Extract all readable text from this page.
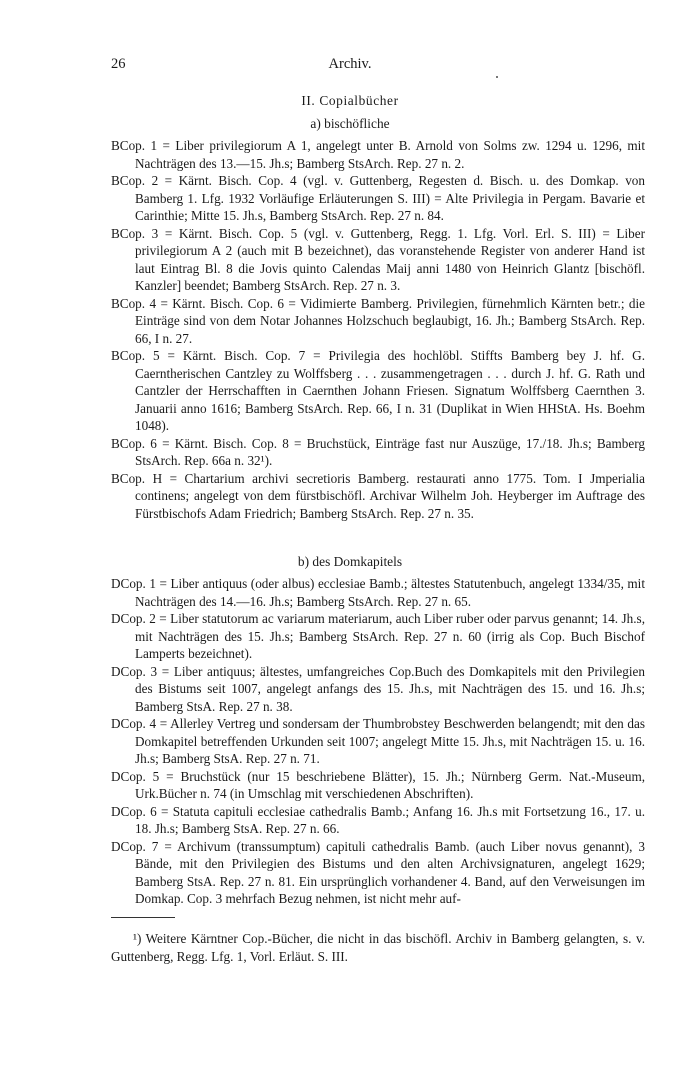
26	Archiv.
II. Copialbücher
a) bischöfliche

BCop. 1 = Liber privilegiorum A 1, angelegt unter B. Arnold von Solms zw. 1294 u. 1296, mit Nachträgen des 13.—15. Jh.s; Bamberg StsArch. Rep. 27 n. 2.

BCop. 2 = Kärnt. Bisch. Cop. 4 (vgl. v. Guttenberg, Regesten d. Bisch. u. des Domkap. von Bamberg 1. Lfg. 1932 Vorläufige Erläuterungen S. III) = Alte Privilegia in Pergam. Bavarie et Carinthie; Mitte 15. Jh.s, Bamberg StsArch. Rep. 27 n. 84.

BCop. 3 = Kärnt. Bisch. Cop. 5 (vgl. v. Guttenberg, Regg. 1. Lfg. Vorl. Erl. S. III) = Liber privilegiorum A 2 (auch mit B bezeichnet), das voranstehende Register von anderer Hand ist laut Eintrag Bl. 8 die Jovis quinto Calendas Maij anni 1480 von Heinrich Glantz [bischöfl. Kanzler] beendet; Bamberg StsArch. Rep. 27 n. 3.

BCop. 4 = Kärnt. Bisch. Cop. 6 = Vidimierte Bamberg. Privilegien, fürnehmlich Kärnten betr.; die Einträge sind von dem Notar Johannes Holzschuch beglaubigt, 16. Jh.; Bamberg StsArch. Rep. 66, I n. 27.

BCop. 5 = Kärnt. Bisch. Cop. 7 = Privilegia des hochlöbl. Stiffts Bamberg bey J. hf. G. Caerntherischen Cantzley zu Wolffsberg . . . zusammengetragen . . . durch J. hf. G. Rath und Cantzler der Herrschafften in Caernthen Johann Friesen. Signatum Wolffsberg Caernthen 3. Januarii anno 1616; Bamberg StsArch. Rep. 66, I n. 31 (Duplikat in Wien HHStA. Hs. Boehm 1048).

BCop. 6 = Kärnt. Bisch. Cop. 8 = Bruchstück, Einträge fast nur Auszüge, 17./18. Jh.s; Bamberg StsArch. Rep. 66a n. 32¹).

BCop. H = Chartarium archivi secretioris Bamberg. restaurati anno 1775. Tom. I Jmperialia continens; angelegt von dem fürstbischöfl. Archivar Wilhelm Joh. Heyberger im Auftrage des Fürstbischofs Adam Friedrich; Bamberg StsArch. Rep. 27 n. 35.

b) des Domkapitels

DCop. 1 = Liber antiquus (oder albus) ecclesiae Bamb.; ältestes Statutenbuch, angelegt 1334/35, mit Nachträgen des 14.—16. Jh.s; Bamberg StsArch. Rep. 27 n. 65.

DCop. 2 = Liber statutorum ac variarum materiarum, auch Liber ruber oder parvus genannt; 14. Jh.s, mit Nachträgen des 15. Jh.s; Bamberg StsArch. Rep. 27 n. 60 (irrig als Cop. Buch Bischof Lamperts bezeichnet).

DCop. 3 = Liber antiquus; ältestes, umfangreiches Cop.Buch des Domkapitels mit den Privilegien des Bistums seit 1007, angelegt anfangs des 15. Jh.s, mit Nachträgen des 15. und 16. Jh.s; Bamberg StsA. Rep. 27 n. 38.

DCop. 4 = Allerley Vertreg und sondersam der Thumbrobstey Beschwerden belangendt; mit den das Domkapitel betreffenden Urkunden seit 1007; angelegt Mitte 15. Jh.s, mit Nachträgen 15. u. 16. Jh.s; Bamberg StsA. Rep. 27 n. 71.

DCop. 5 = Bruchstück (nur 15 beschriebene Blätter), 15. Jh.; Nürnberg Germ. Nat.-Museum, Urk.Bücher n. 74 (in Umschlag mit verschiedenen Abschriften).

DCop. 6 = Statuta capituli ecclesiae cathedralis Bamb.; Anfang 16. Jh.s mit Fortsetzung 16., 17. u. 18. Jh.s; Bamberg StsA. Rep. 27 n. 66.

DCop. 7 = Archivum (transsumptum) capituli cathedralis Bamb. (auch Liber novus genannt), 3 Bände, mit den Privilegien des Bistums und den alten Archivsignaturen, angelegt 1629; Bamberg StsA. Rep. 27 n. 81. Ein ursprünglich vorhandener 4. Band, auf den Verweisungen im Domkap. Cop. 3 mehrfach Bezug nehmen, ist nicht mehr auf-

¹) Weitere Kärntner Cop.-Bücher, die nicht in das bischöfl. Archiv in Bamberg gelangten, s. v. Guttenberg, Regg. Lfg. 1, Vorl. Erläut. S. III.
